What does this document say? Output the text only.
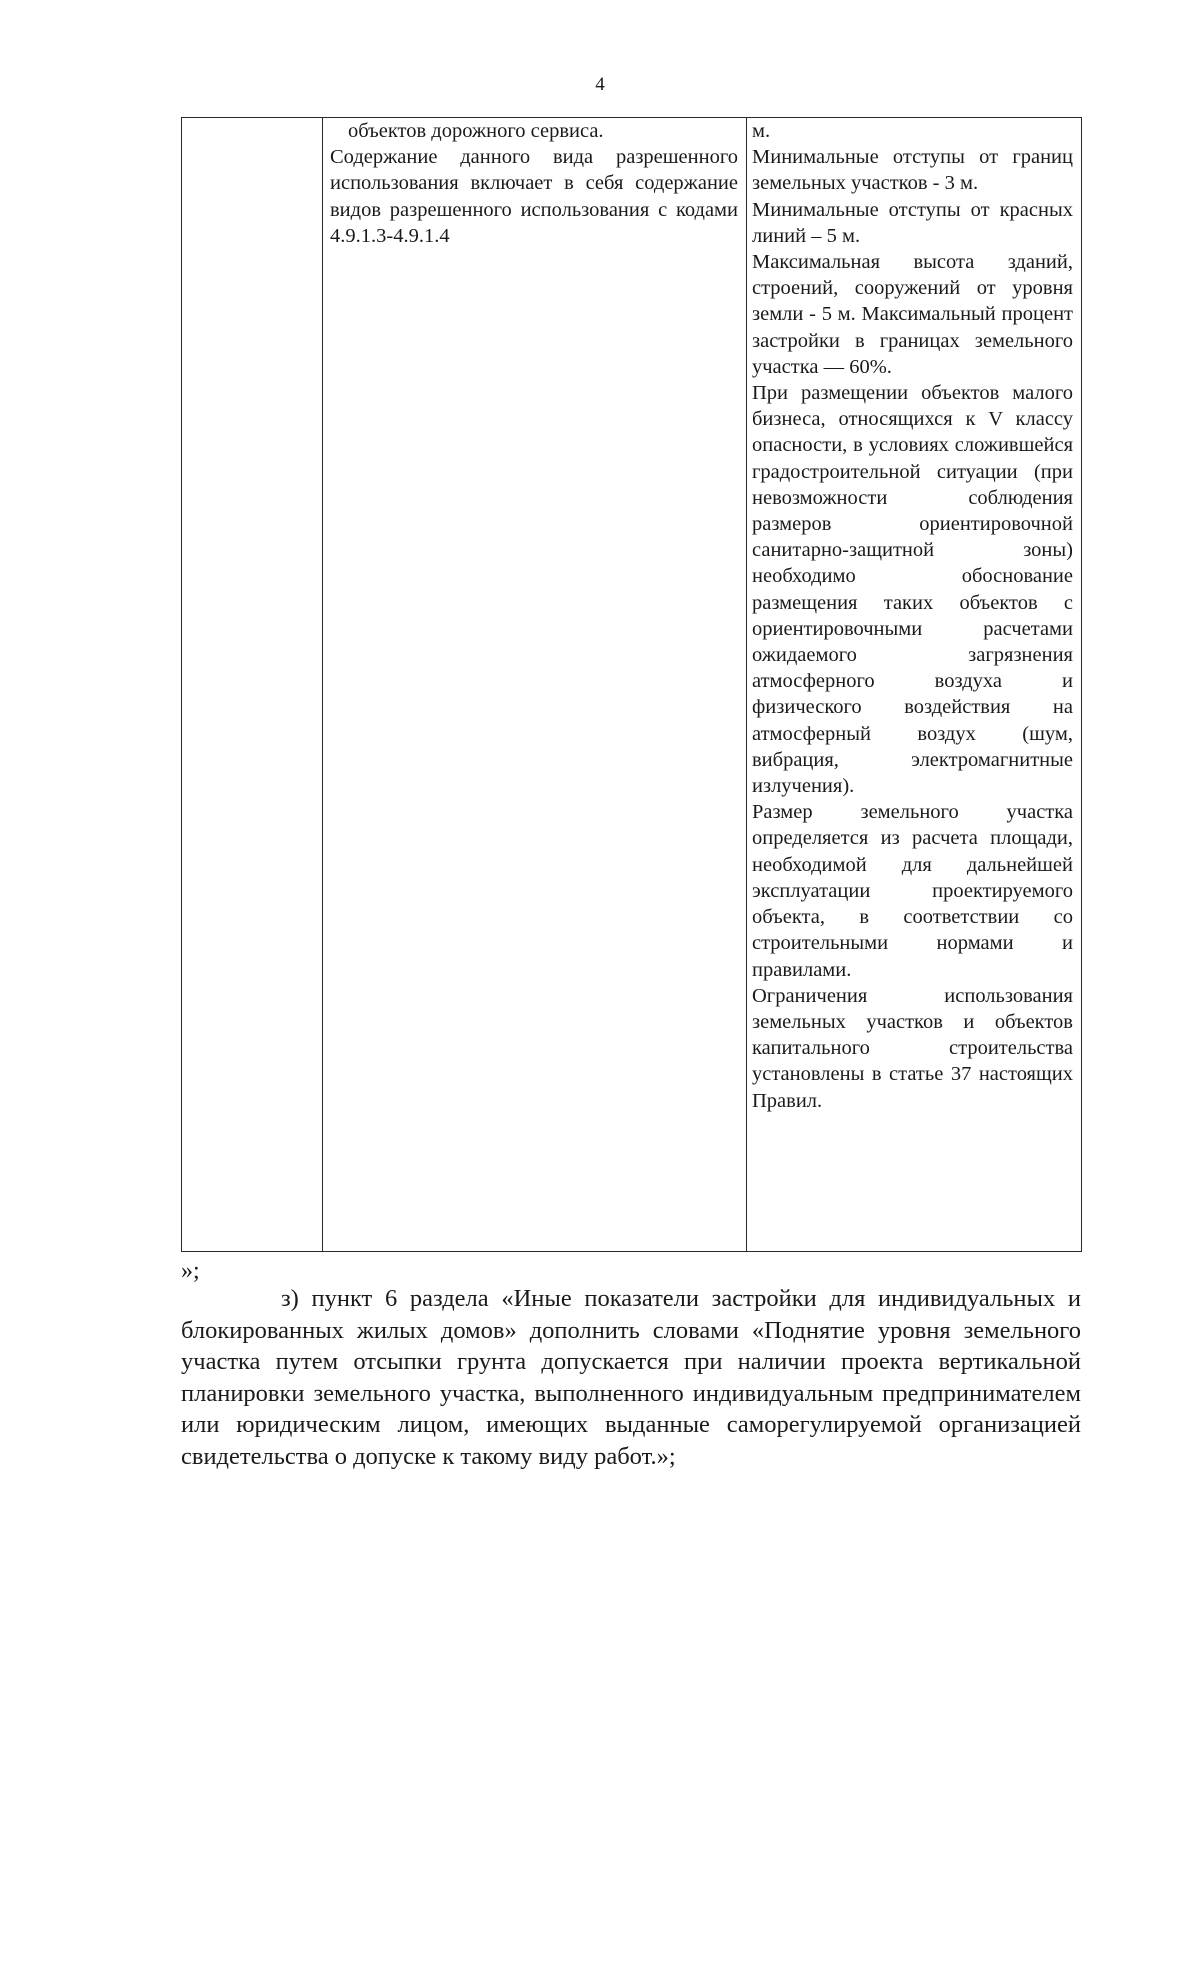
4

объектов дорожного сервиса.

Содержание данного вида разрешенного использования включает в себя содержание видов разрешенного использования с кодами 4.9.1.3-4.9.1.4

м.

Минимальные отступы от границ земельных участков - 3 м.

Минимальные отступы от красных линий – 5 м.

Максимальная высота зданий, строений, сооружений от уровня земли - 5 м. Максимальный процент застройки в границах земельного участка — 60%.

При размещении объектов малого бизнеса, относящихся к V классу опасности, в условиях сложившейся градостроительной ситуации (при невозможности соблюдения размеров ориентировочной санитарно-защитной зоны) необходимо обоснование размещения таких объектов с ориентировочными расчетами ожидаемого загрязнения атмосферного воздуха и физического воздействия на атмосферный воздух (шум, вибрация, электромагнитные излучения).

Размер земельного участка определяется из расчета площади, необходимой для дальнейшей эксплуатации проектируемого объекта, в соответствии со строительными нормами и правилами.

Ограничения использования земельных участков и объектов капитального строительства установлены в статье 37 настоящих Правил.

»;

з) пункт 6 раздела «Иные показатели застройки для индивидуальных и блокированных жилых домов» дополнить словами «Поднятие уровня земельного участка путем отсыпки грунта допускается при наличии проекта вертикальной планировки земельного участка, выполненного индивидуальным предпринимателем или юридическим лицом, имеющих выданные саморегулируемой организацией свидетельства о допуске к такому виду работ.»;
